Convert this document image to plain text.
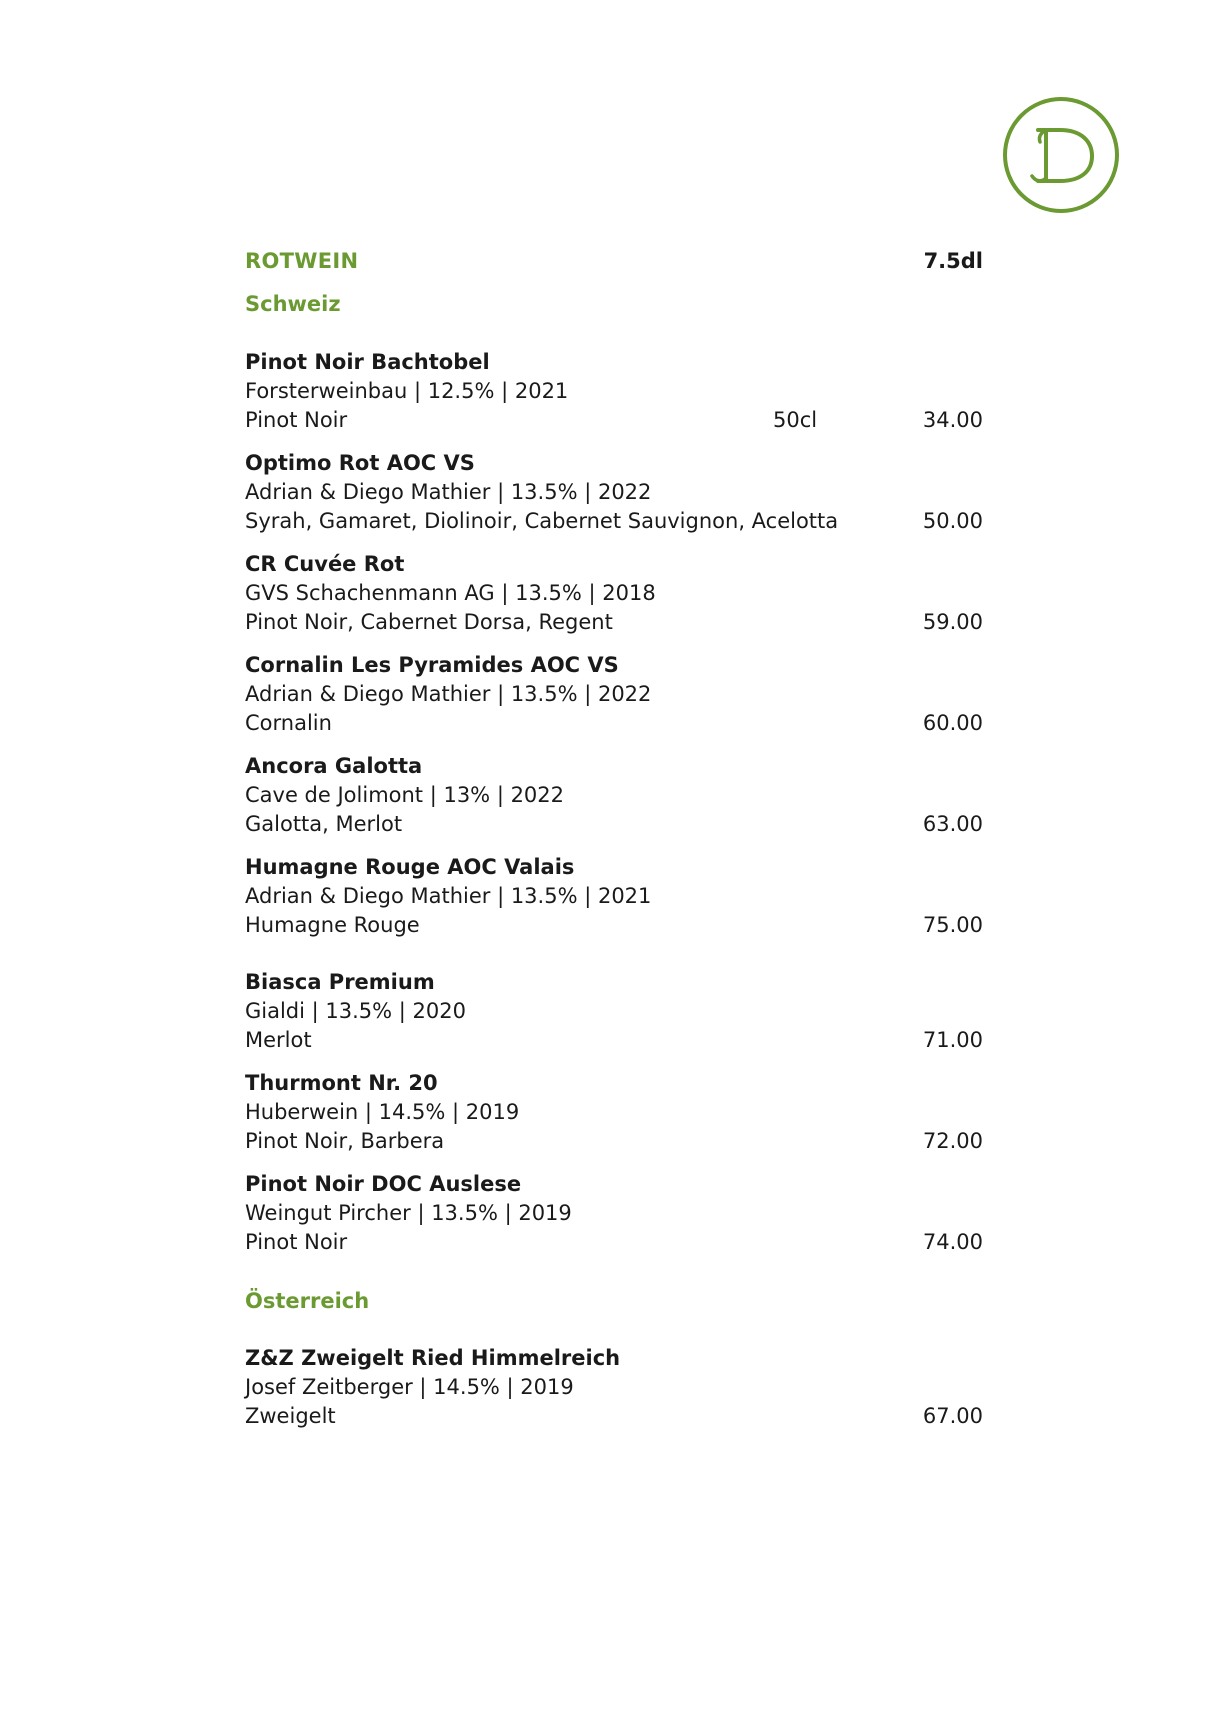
ROTWEIN	7.5dl
Schweiz
Pinot Noir Bachtobel
Forsterweinbau | 12.5% | 2021
Pinot Noir	50cl	34.00
Optimo Rot AOC VS
Adrian & Diego Mathier | 13.5% | 2022
Syrah, Gamaret, Diolinoir, Cabernet Sauvignon, Acelotta	50.00
CR Cuvée Rot
GVS Schachenmann AG | 13.5% | 2018
Pinot Noir, Cabernet Dorsa, Regent	59.00
Cornalin Les Pyramides AOC VS
Adrian & Diego Mathier | 13.5% | 2022
Cornalin	60.00
Ancora Galotta
Cave de Jolimont | 13% | 2022
Galotta, Merlot	63.00
Humagne Rouge AOC Valais
Adrian & Diego Mathier | 13.5% | 2021
Humagne Rouge	75.00
Biasca Premium
Gialdi | 13.5% | 2020
Merlot	71.00
Thurmont Nr. 20
Huberwein | 14.5% | 2019
Pinot Noir, Barbera	72.00
Pinot Noir DOC Auslese
Weingut Pircher | 13.5% | 2019
Pinot Noir	74.00
Österreich
Z&Z Zweigelt Ried Himmelreich
Josef Zeitberger | 14.5% | 2019
Zweigelt	67.00
